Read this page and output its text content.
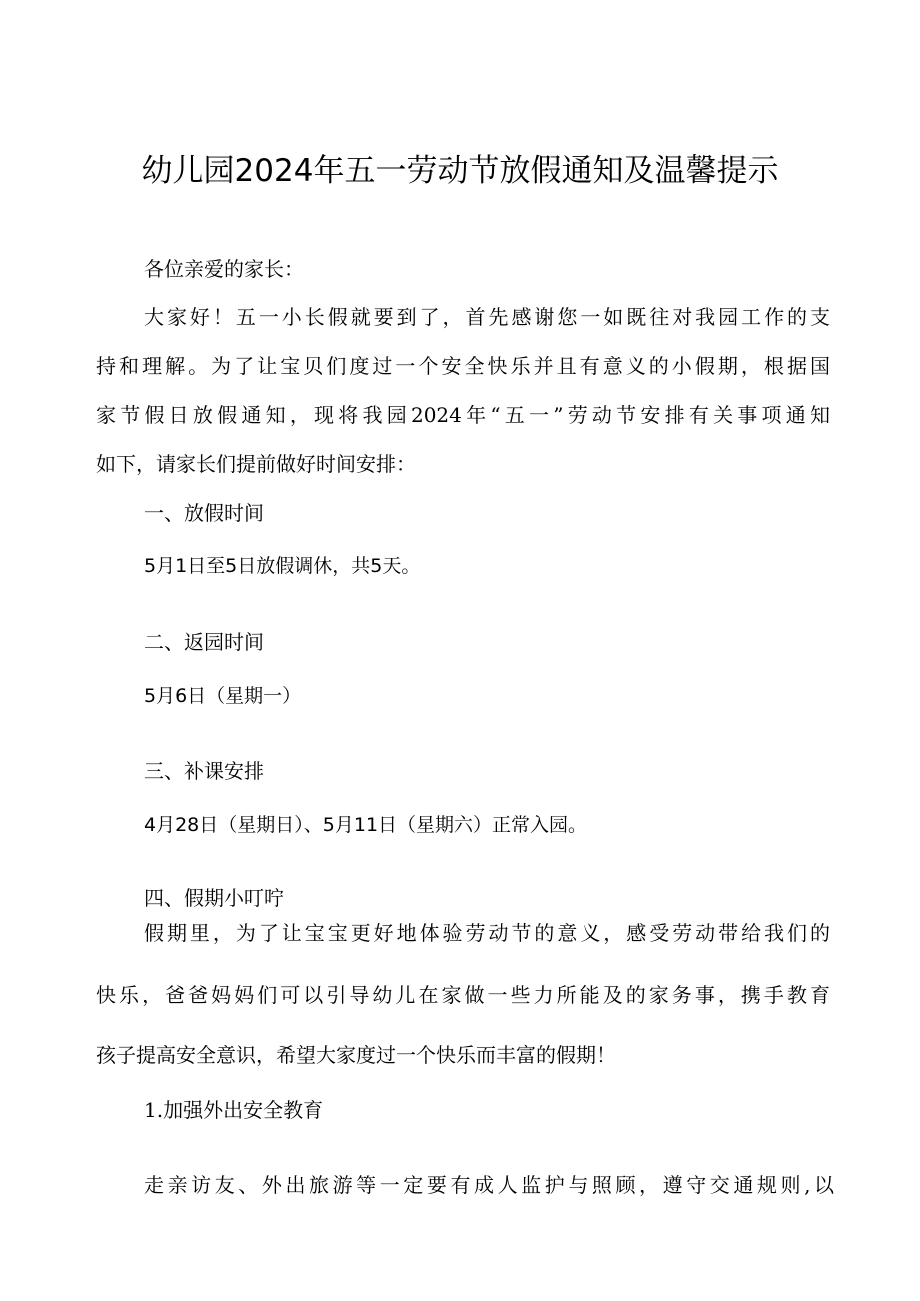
幼儿园2024年五一劳动节放假通知及温馨提示

各位亲爱的家长：

大家好！五一小长假就要到了，首先感谢您一如既往对我园工作的支

持和理解。为了让宝贝们度过一个安全快乐并且有意义的小假期，根据国

家节假日放假通知，现将我园2024年“五一”劳动节安排有关事项通知

如下，请家长们提前做好时间安排：

一、放假时间

5月1日至5日放假调休，共5天。

二、返园时间

5月6日（星期一）

三、补课安排

4月28日（星期日）、5月11日（星期六）正常入园。

四、假期小叮咛

假期里，为了让宝宝更好地体验劳动节的意义，感受劳动带给我们的

快乐，爸爸妈妈们可以引导幼儿在家做一些力所能及的家务事，携手教育

孩子提高安全意识，希望大家度过一个快乐而丰富的假期！

1.加强外出安全教育

走亲访友、外出旅游等一定要有成人监护与照顾，遵守交通规则,以
